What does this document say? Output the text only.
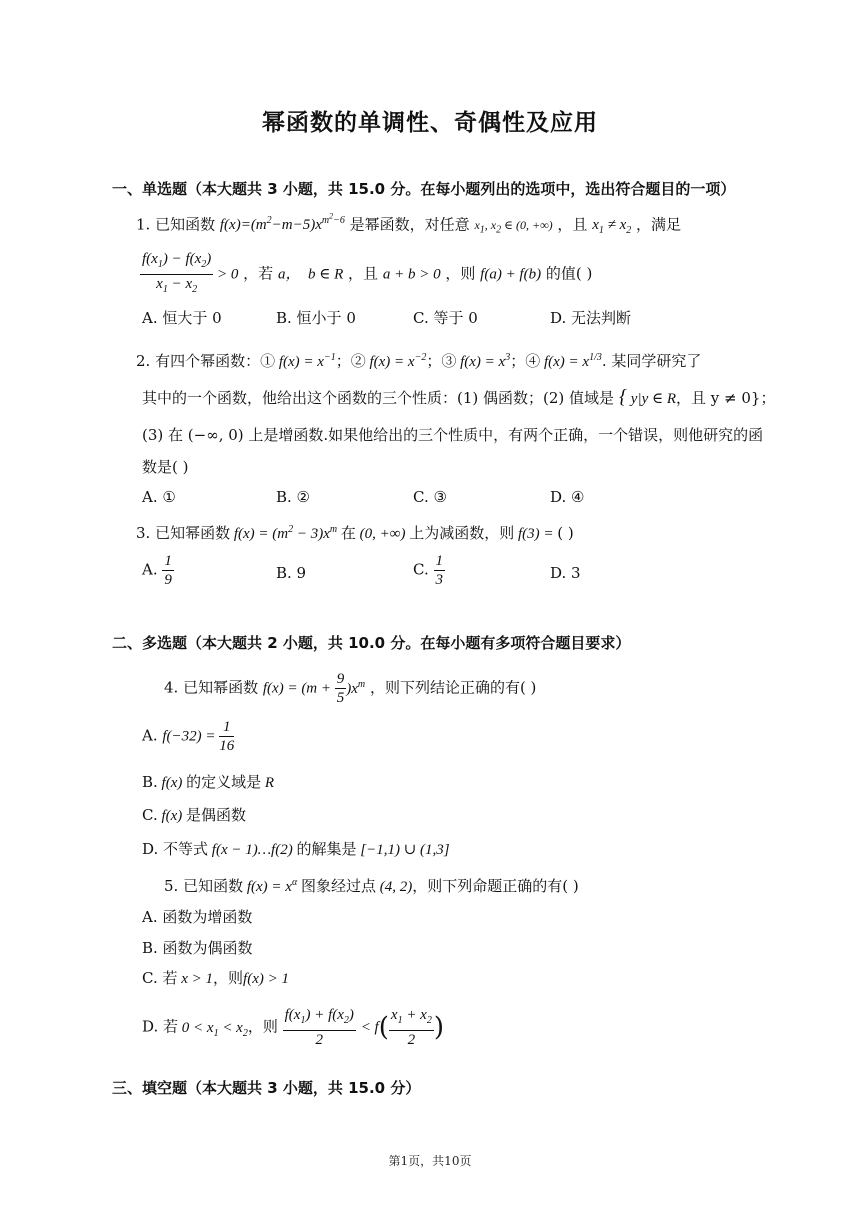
幂函数的单调性、奇偶性及应用
一、单选题（本大题共 3 小题，共 15.0 分。在每小题列出的选项中，选出符合题目的一项）
1. 已知函数 $f(x)=(m^2-m-5)x^{m^2-6}$ 是幂函数，对任意 $x_1$, $x_2$ ∈ (0, +∞) ，且 $x_1 \ne x_2$ ，满足
$\frac{f(x_1) - f(x_2)}{x_1 - x_2} > 0$ ，若 a，  b ∈ R ，且 a + b > 0 ，则 f(a) + f(b) 的值( )
A. 恒大于 0	B. 恒小于 0	C. 等于 0	D. 无法判断
2. 有四个幂函数：① $f(x) = x^{-1}$；② $f(x) = x^{-2}$；③ $f(x) = x^3$；④ $f(x) = x^{1/3}$. 某同学研究了
其中的一个函数，他给出这个函数的三个性质：(1) 偶函数；(2) 值域是 { y|y ∈ R，且 y ≠ 0}；
(3) 在 (−∞, 0) 上是增函数.如果他给出的三个性质中，有两个正确，一个错误，则他研究的函
数是( )
A. ①	B. ②	C. ③	D. ④
3. 已知幂函数 $f(x) = (m^2 - 3)x^m$ 在 (0, +∞) 上为减函数，则 f(3) = ( )
A. $\frac{1}{9}$	B. 9	C. $\frac{1}{3}$	D. 3
二、多选题（本大题共 2 小题，共 10.0 分。在每小题有多项符合题目要求）
4. 已知幂函数 $f(x) = (m + \frac{9}{5} )x^m$ ，则下列结论正确的有( )
A. $f(-32) = \frac{1}{16}$
B. f(x) 的定义域是 R
C. f(x) 是偶函数
D. 不等式 f(x − 1)…f(2) 的解集是 [−1,1) ∪ (1,3]
5. 已知函数 $f(x) = x^\alpha$ 图象经过点 (4, 2)，则下列命题正确的有( )
A. 函数为增函数
B. 函数为偶函数
C. 若 x > 1，则f(x) > 1
D. 若 $0 < x_1 < x_2$，则 $\frac{f(x_1) + f(x_2)}{2} < f( \frac{x_1 + x_2}{2}$ )
三、填空题（本大题共 3 小题，共 15.0 分）
第1页，共10页
